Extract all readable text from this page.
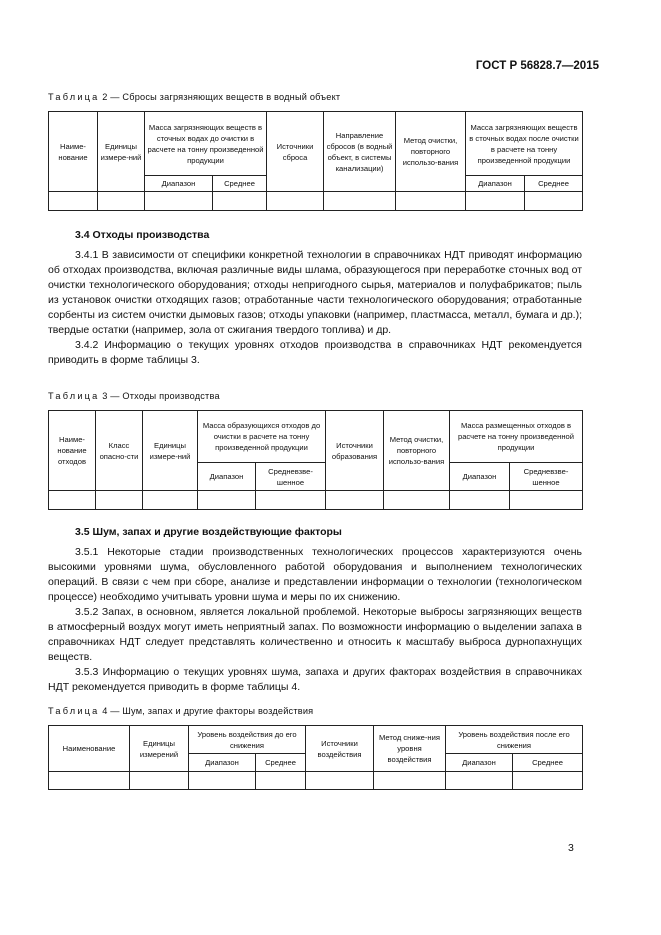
ГОСТ Р 56828.7—2015
Таблица 2 — Сбросы загрязняющих веществ в водный объект
Наиме-нование	Единицы измере-ний	Масса загрязняющих веществ в сточных водах до очистки в расчете на тонну произведенной продукции		Источники сброса	Направление сбросов (в водный объект, в системы канализации)	Метод очистки, повторного использо-вания	Масса загрязняющих веществ в сточных водах после очистки в расчете на тонну произведенной продукции	
		Диапазон	Среднее				Диапазон	Среднее

3.4 Отходы производства

3.4.1 В зависимости от специфики конкретной технологии в справочниках НДТ приводят информацию об отходах производства, включая различные виды шлама, образующегося при переработке сточных вод от очистки технологического оборудования; отходы непригодного сырья, материалов и полуфабрикатов; пыль из установок очистки отходящих газов; отработанные части технологического оборудования; отработанные сорбенты из систем очистки дымовых газов; отходы упаковки (например, пластмасса, металл, бумага и др.); твердые остатки (например, зола от сжигания твердого топлива) и др.

3.4.2 Информацию о текущих уровнях отходов производства в справочниках НДТ рекомендуется приводить в форме таблицы 3.

Таблица 3 — Отходы производства
Наиме-нование отходов	Класс опасно-сти	Единицы измере-ний	Масса образующихся отходов до очистки в расчете на тонну произведенной продукции		Источники образования	Метод очистки, повторного использо-вания	Масса размещенных отходов в расчете на тонну произведенной продукции	
			Диапазон	Средневзве-шенное			Диапазон	Средневзве-шенное

3.5 Шум, запах и другие воздействующие факторы

3.5.1 Некоторые стадии производственных технологических процессов характеризуются очень высокими уровнями шума, обусловленного работой оборудования и выполнением технологических операций. В связи с чем при сборе, анализе и представлении информации о технологии (технологическом процессе) необходимо учитывать уровни шума и меры по их снижению.

3.5.2 Запах, в основном, является локальной проблемой. Некоторые выбросы загрязняющих веществ в атмосферный воздух могут иметь неприятный запах. По возможности информацию о выделении запаха в справочниках НДТ следует представлять количественно и относить к масштабу выброса дурнопахнущих веществ.

3.5.3 Информацию о текущих уровнях шума, запаха и других факторах воздействия в справочниках НДТ рекомендуется приводить в форме таблицы 4.

Таблица 4 — Шум, запах и другие факторы воздействия
Наименование	Единицы измерений	Уровень воздействия до его снижения		Источники воздействия	Метод сниже-ния уровня воздействия	Уровень воздействия после его снижения	
		Диапазон	Среднее			Диапазон	Среднее

3
